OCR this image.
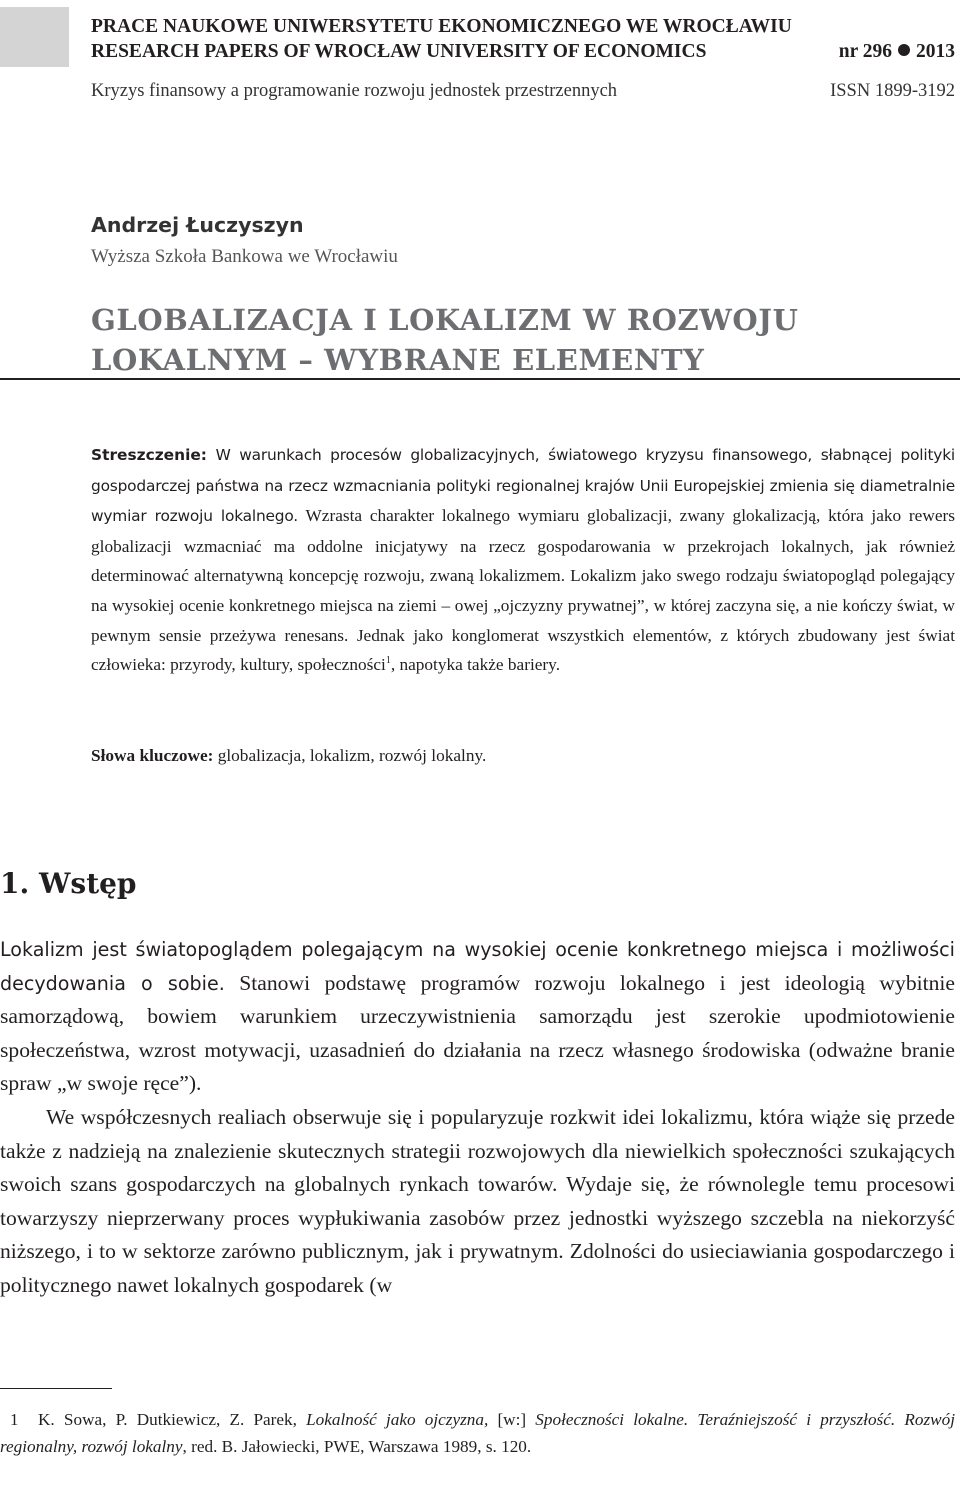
PRACE NAUKOWE UNIWERSYTETU EKONOMICZNEGO WE WROCŁAWIU
RESEARCH PAPERS OF WROCŁAW UNIVERSITY OF ECONOMICS	nr 296 2013
Kryzys finansowy a programowanie rozwoju jednostek przestrzennych	ISSN 1899-3192
Andrzej Łuczyszyn
Wyższa Szkoła Bankowa we Wrocławiu
GLOBALIZACJA I LOKALIZM W ROZWOJU
LOKALNYM – WYBRANE ELEMENTY
Streszczenie: W warunkach procesów globalizacyjnych, światowego kryzysu finansowego, słabnącej polityki gospodarczej państwa na rzecz wzmacniania polityki regionalnej krajów Unii Europejskiej zmienia się diametralnie wymiar rozwoju lokalnego. Wzrasta charakter lokalnego wymiaru globalizacji, zwany glokalizacją, która jako rewers globalizacji wzmacniać ma oddolne inicjatywy na rzecz gospodarowania w przekrojach lokalnych, jak również determinować alternatywną koncepcję rozwoju, zwaną lokalizmem. Lokalizm jako swego rodzaju światopogląd polegający na wysokiej ocenie konkretnego miejsca na ziemi – owej „ojczyzny prywatnej”, w której zaczyna się, a nie kończy świat, w pewnym sensie przeżywa renesans. Jednak jako konglomerat wszystkich elementów, z których zbudowany jest świat człowieka: przyrody, kultury, społeczności$^1$, napotyka także bariery.
Słowa kluczowe: globalizacja, lokalizm, rozwój lokalny.
1. Wstęp

Lokalizm jest światopoglądem polegającym na wysokiej ocenie konkretnego miejsca i możliwości decydowania o sobie. Stanowi podstawę programów rozwoju lokalnego i jest ideologią wybitnie samorządową, bowiem warunkiem urzeczywistnienia samorządu jest szerokie upodmiotowienie społeczeństwa, wzrost motywacji, uzasadnień do działania na rzecz własnego środowiska (odważne branie spraw „w swoje ręce”).

We współczesnych realiach obserwuje się i popularyzuje rozkwit idei lokalizmu, która wiąże się przede także z nadzieją na znalezienie skutecznych strategii rozwojowych dla niewielkich społeczności szukających swoich szans gospodarczych na globalnych rynkach towarów. Wydaje się, że równolegle temu procesowi towarzyszy nieprzerwany proces wypłukiwania zasobów przez jednostki wyższego szczebla na niekorzyść niższego, i to w sektorze zarówno publicznym, jak i prywatnym. Zdolności do usieciawiania gospodarczego i politycznego nawet lokalnych gospodarek (w

1 K. Sowa, P. Dutkiewicz, Z. Parek, Lokalność jako ojczyzna, [w:] Społeczności lokalne. Teraźniejszość i przyszłość. Rozwój regionalny, rozwój lokalny, red. B. Jałowiecki, PWE, Warszawa 1989, s. 120.
